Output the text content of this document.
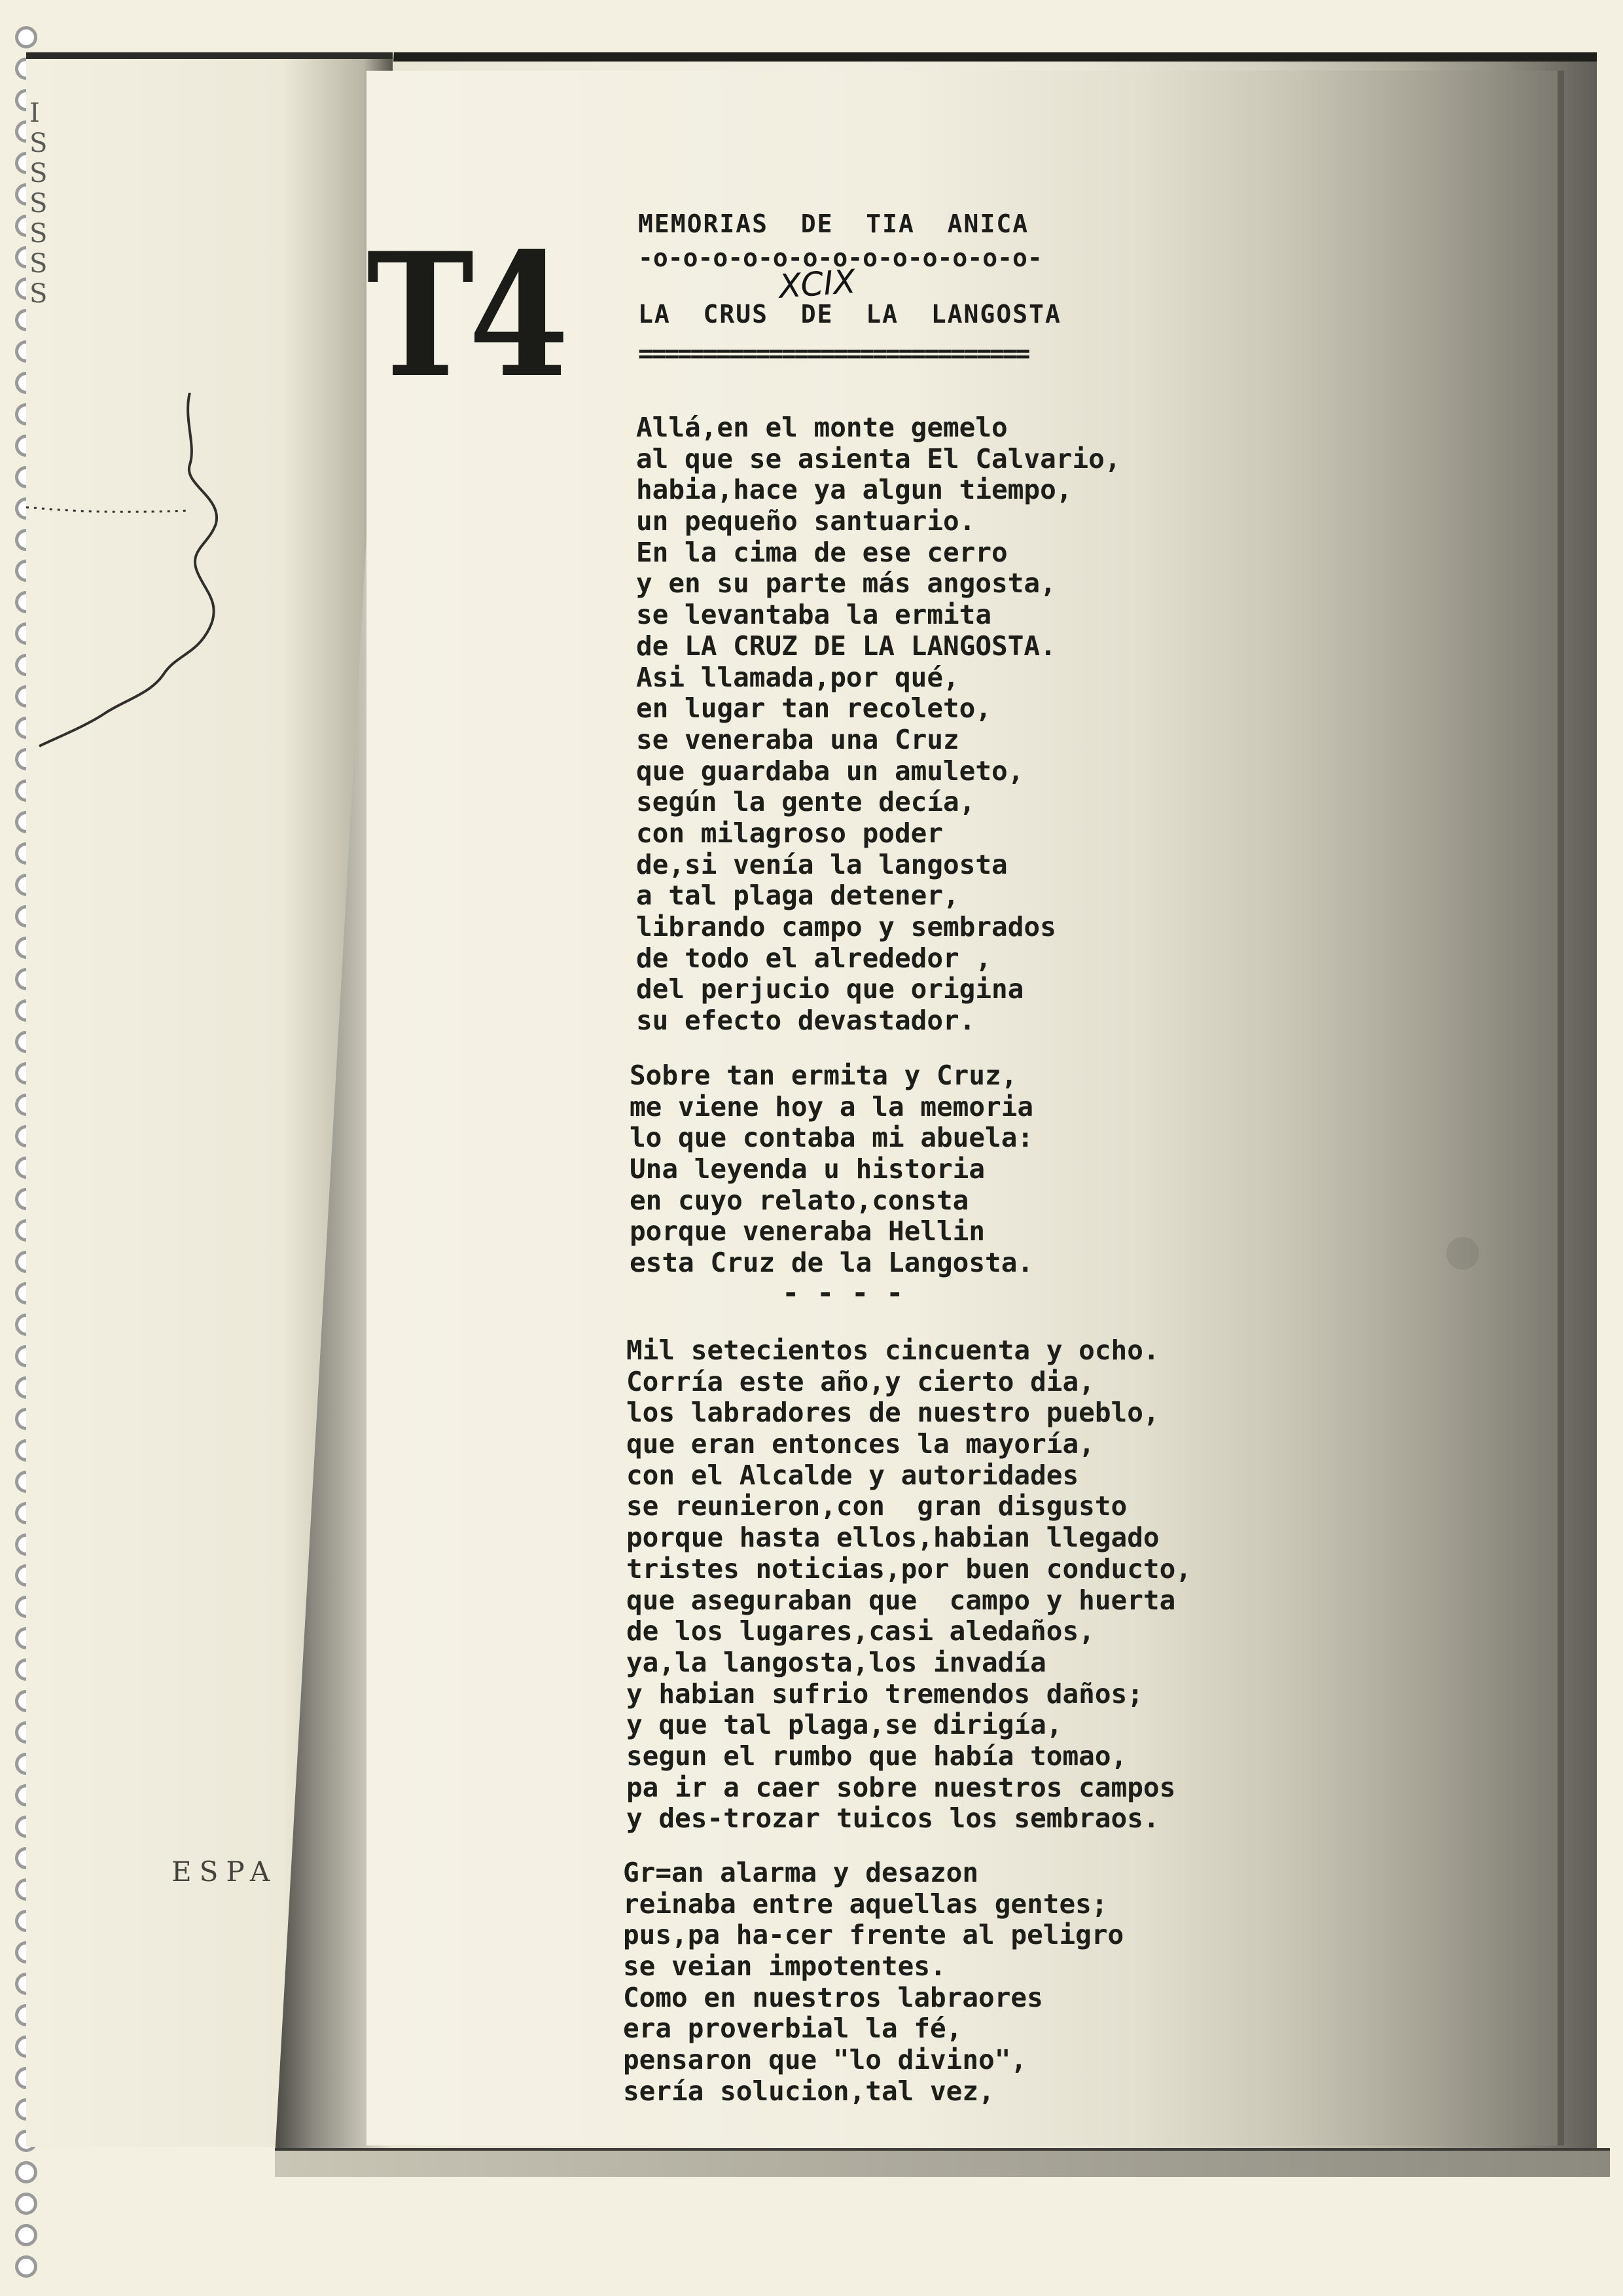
I
S
S
S
S
S
S
ESPA
T4	MEMORIAS  DE  TIA  ANICA
-o-o-o-o-o-o-o-o-o-o-o-o-o-
XCIX
LA  CRUS  DE  LA  LANGOSTA
==============================
Allá,en el monte gemelo
al que se asienta El Calvario,
habia,hace ya algun tiempo,
un pequeño santuario.
En la cima de ese cerro
y en su parte más angosta,
se levantaba la ermita
de LA CRUZ DE LA LANGOSTA.
Asi llamada,por qué,
en lugar tan recoleto,
se veneraba una Cruz
que guardaba un amuleto,
según la gente decía,
con milagroso poder
de,si venía la langosta
a tal plaga detener,
librando campo y sembrados
de todo el alrededor ,
del perjucio que origina
su efecto devastador.
Sobre tan ermita y Cruz,
me viene hoy a la memoria
lo que contaba mi abuela:
Una leyenda u historia
en cuyo relato,consta
porque veneraba Hellin
esta Cruz de la Langosta.
- - - -
Mil setecientos cincuenta y ocho.
Corría este año,y cierto dia,
los labradores de nuestro pueblo,
que eran entonces la mayoría,
con el Alcalde y autoridades
se reunieron,con  gran disgusto
porque hasta ellos,habian llegado
tristes noticias,por buen conducto,
que aseguraban que  campo y huerta
de los lugares,casi aledaños,
ya,la langosta,los invadía
y habian sufrio tremendos daños;
y que tal plaga,se dirigía,
segun el rumbo que había tomao,
pa ir a caer sobre nuestros campos
y des-trozar tuicos los sembraos.
Gr=an alarma y desazon
reinaba entre aquellas gentes;
pus,pa ha-cer frente al peligro
se veian impotentes.
Como en nuestros labraores
era proverbial la fé,
pensaron que "lo divino",
sería solucion,tal vez,
